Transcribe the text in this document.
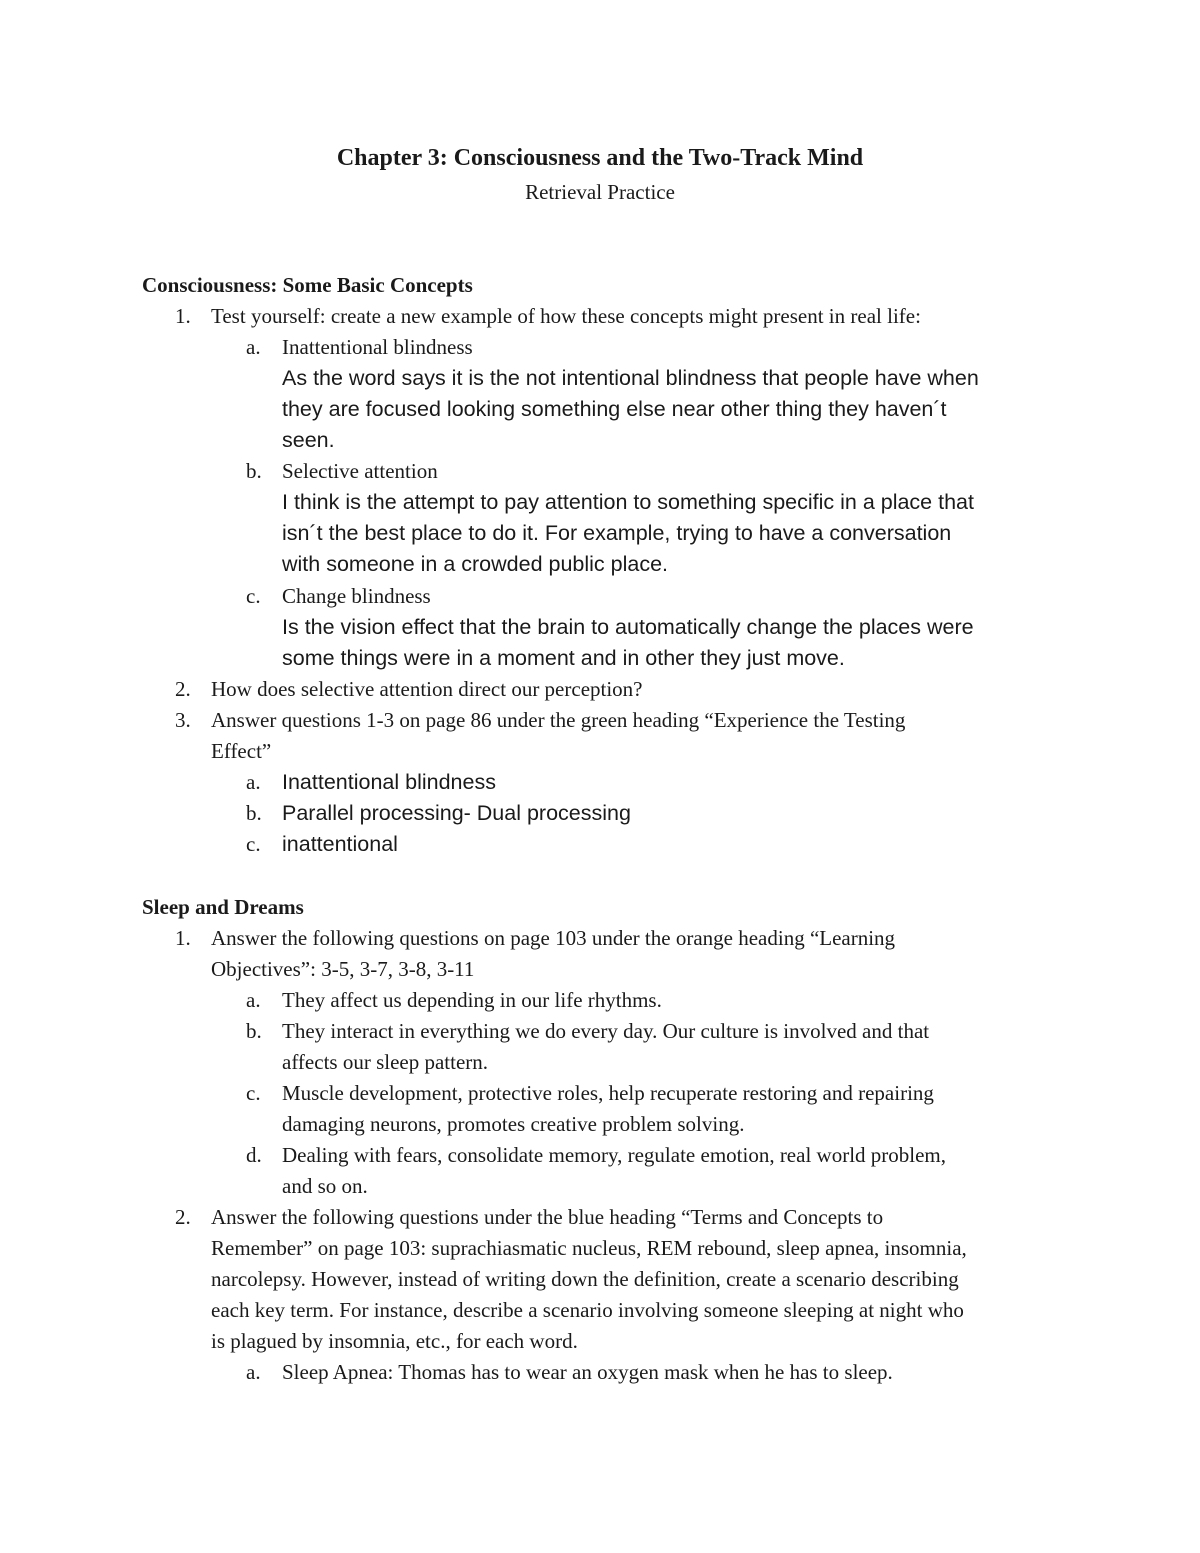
Chapter 3: Consciousness and the Two-Track Mind
Retrieval Practice
Consciousness: Some Basic Concepts
1. Test yourself: create a new example of how these concepts might present in real life:
a. Inattentional blindness
As the word says it is the not intentional blindness that people have when
they are focused looking something else near other thing they haven´t
seen.
b. Selective attention
I think is the attempt to pay attention to something specific in a place that
isn´t the best place to do it. For example, trying to have a conversation
with someone in a crowded public place.
c. Change blindness
Is the vision effect that the brain to automatically change the places were
some things were in a moment and in other they just move.
2. How does selective attention direct our perception?
3. Answer questions 1-3 on page 86 under the green heading “Experience the Testing
Effect”
a. Inattentional blindness
b. Parallel processing- Dual processing
c. inattentional
Sleep and Dreams
1. Answer the following questions on page 103 under the orange heading “Learning
Objectives”: 3-5, 3-7, 3-8, 3-11
a. They affect us depending in our life rhythms.
b. They interact in everything we do every day. Our culture is involved and that
affects our sleep pattern.
c. Muscle development, protective roles, help recuperate restoring and repairing
damaging neurons, promotes creative problem solving.
d. Dealing with fears, consolidate memory, regulate emotion, real world problem,
and so on.
2. Answer the following questions under the blue heading “Terms and Concepts to
Remember” on page 103: suprachiasmatic nucleus, REM rebound, sleep apnea, insomnia,
narcolepsy. However, instead of writing down the definition, create a scenario describing
each key term. For instance, describe a scenario involving someone sleeping at night who
is plagued by insomnia, etc., for each word.
a. Sleep Apnea: Thomas has to wear an oxygen mask when he has to sleep.
